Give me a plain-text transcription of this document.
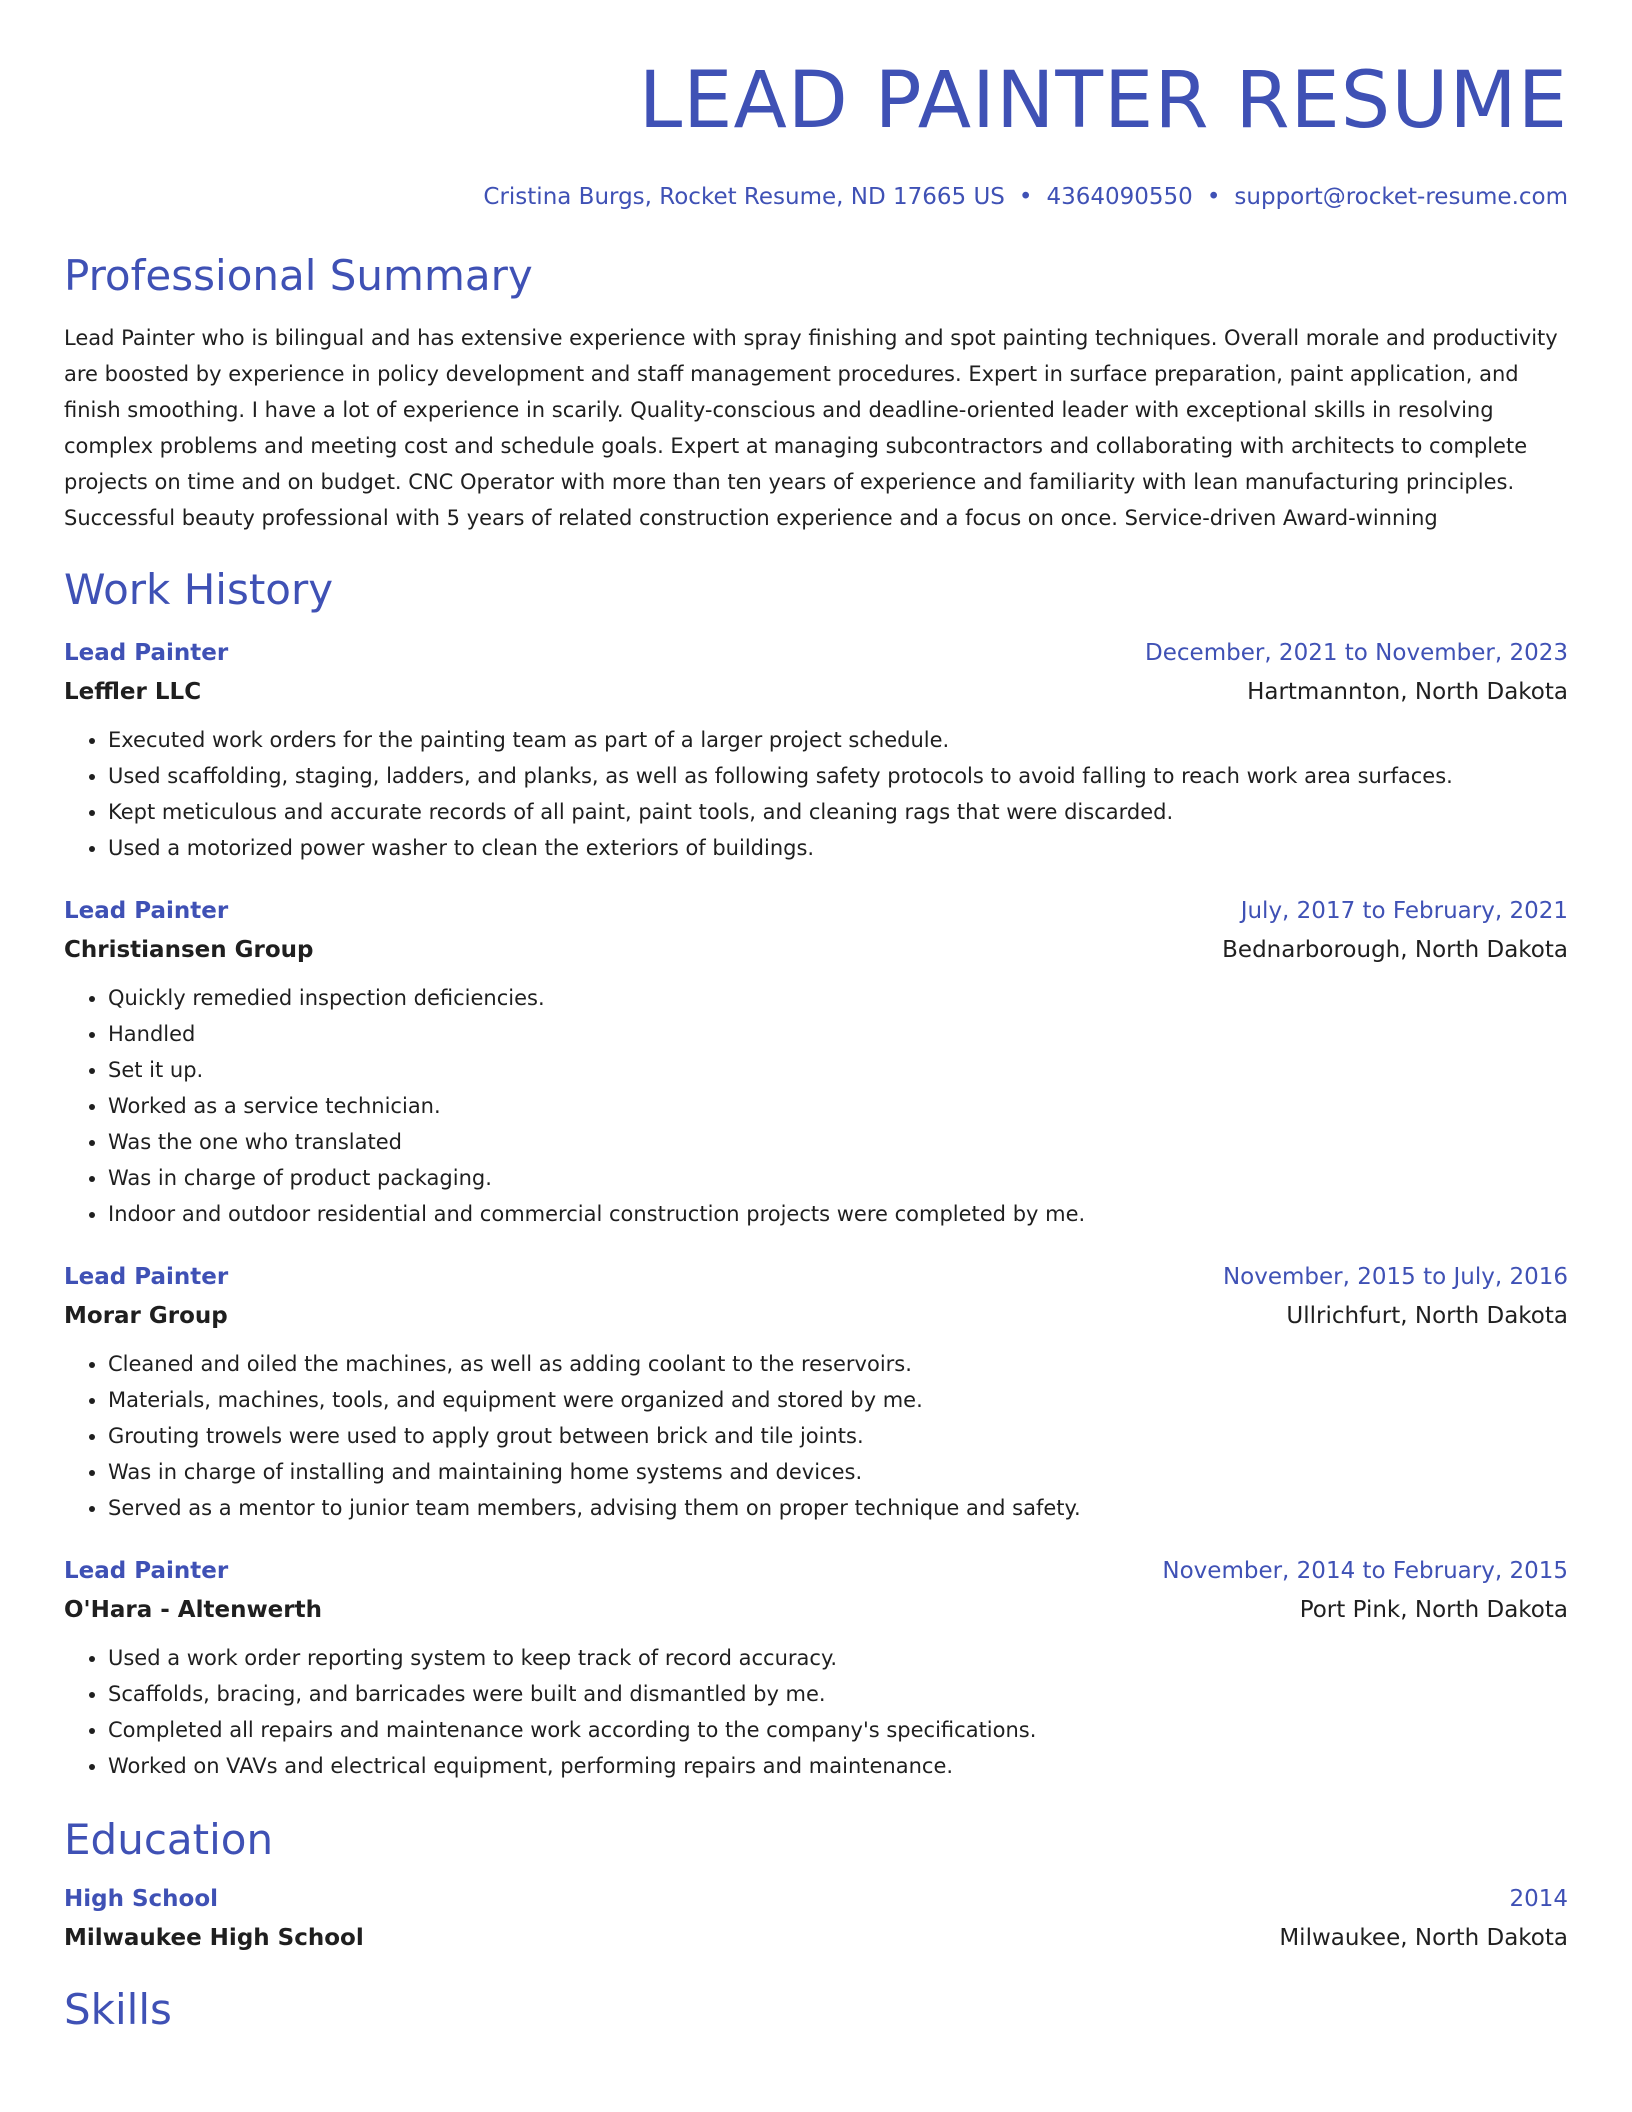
LEAD PAINTER RESUME
Cristina Burgs, Rocket Resume, ND 17665 US • 4364090550 • support@rocket-resume.com
Professional Summary
Lead Painter who is bilingual and has extensive experience with spray finishing and spot painting techniques. Overall morale and productivity are boosted by experience in policy development and staff management procedures. Expert in surface preparation, paint application, and finish smoothing. I have a lot of experience in scarily. Quality-conscious and deadline-oriented leader with exceptional skills in resolving complex problems and meeting cost and schedule goals. Expert at managing subcontractors and collaborating with architects to complete projects on time and on budget. CNC Operator with more than ten years of experience and familiarity with lean manufacturing principles. Successful beauty professional with 5 years of related construction experience and a focus on once. Service-driven Award-winning
Work History
Lead Painter	December, 2021 to November, 2023
Leffler LLC	Hartmannton, North Dakota
• Executed work orders for the painting team as part of a larger project schedule.
• Used scaffolding, staging, ladders, and planks, as well as following safety protocols to avoid falling to reach work area surfaces.
• Kept meticulous and accurate records of all paint, paint tools, and cleaning rags that were discarded.
• Used a motorized power washer to clean the exteriors of buildings.
Lead Painter	July, 2017 to February, 2021
Christiansen Group	Bednarborough, North Dakota
• Quickly remedied inspection deficiencies.
• Handled
• Set it up.
• Worked as a service technician.
• Was the one who translated
• Was in charge of product packaging.
• Indoor and outdoor residential and commercial construction projects were completed by me.
Lead Painter	November, 2015 to July, 2016
Morar Group	Ullrichfurt, North Dakota
• Cleaned and oiled the machines, as well as adding coolant to the reservoirs.
• Materials, machines, tools, and equipment were organized and stored by me.
• Grouting trowels were used to apply grout between brick and tile joints.
• Was in charge of installing and maintaining home systems and devices.
• Served as a mentor to junior team members, advising them on proper technique and safety.
Lead Painter	November, 2014 to February, 2015
O'Hara - Altenwerth	Port Pink, North Dakota
• Used a work order reporting system to keep track of record accuracy.
• Scaffolds, bracing, and barricades were built and dismantled by me.
• Completed all repairs and maintenance work according to the company's specifications.
• Worked on VAVs and electrical equipment, performing repairs and maintenance.
Education
High School	2014
Milwaukee High School	Milwaukee, North Dakota
Skills
